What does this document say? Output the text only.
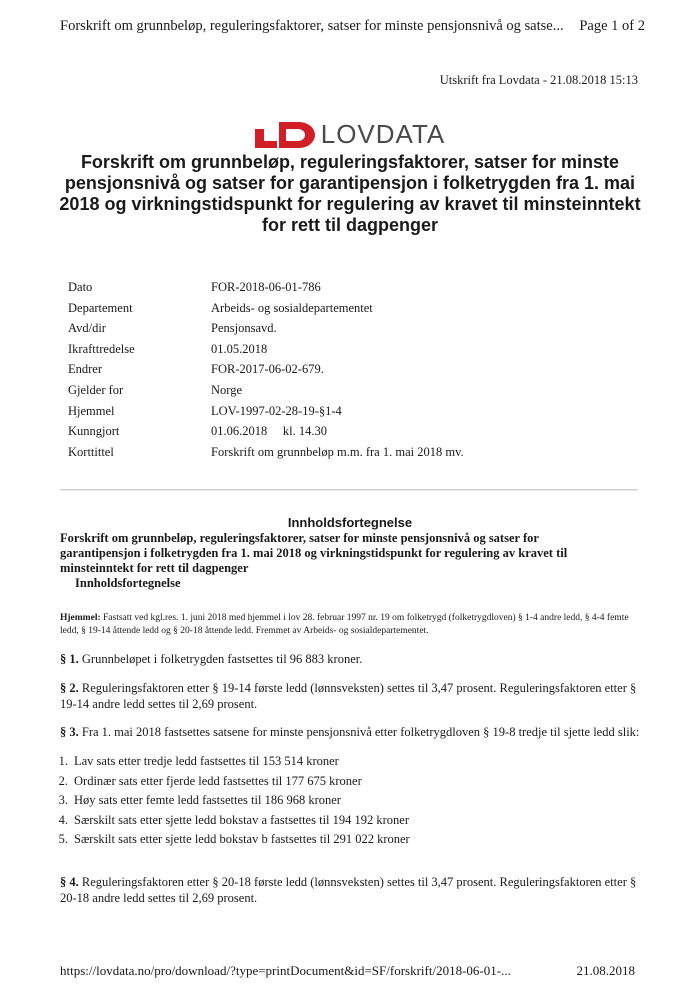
Forskrift om grunnbeløp, reguleringsfaktorer, satser for minste pensjonsnivå og satse... Page 1 of 2
Utskrift fra Lovdata - 21.08.2018 15:13
LOVDATA
Forskrift om grunnbeløp, reguleringsfaktorer, satser for minste pensjonsnivå og satser for garantipensjon i folketrygden fra 1. mai 2018 og virkningstidspunkt for regulering av kravet til minsteinntekt for rett til dagpenger
Dato	FOR-2018-06-01-786
Departement	Arbeids- og sosialdepartementet
Avd/dir	Pensjonsavd.
Ikrafttredelse	01.05.2018
Endrer	FOR-2017-06-02-679.
Gjelder for	Norge
Hjemmel	LOV-1997-02-28-19-§1-4
Kunngjort	01.06.2018     kl. 14.30
Korttittel	Forskrift om grunnbeløp m.m. fra 1. mai 2018 mv.
Innholdsfortegnelse
Forskrift om grunnbeløp, reguleringsfaktorer, satser for minste pensjonsnivå og satser for garantipensjon i folketrygden fra 1. mai 2018 og virkningstidspunkt for regulering av kravet til minsteinntekt for rett til dagpenger
Innholdsfortegnelse
Hjemmel: Fastsatt ved kgl.res. 1. juni 2018 med hjemmel i lov 28. februar 1997 nr. 19 om folketrygd (folketrygdloven) § 1-4 andre ledd, § 4-4 femte ledd, § 19-14 åttende ledd og § 20-18 åttende ledd. Fremmet av Arbeids- og sosialdepartementet.
§ 1. Grunnbeløpet i folketrygden fastsettes til 96 883 kroner.
§ 2. Reguleringsfaktoren etter § 19-14 første ledd (lønnsveksten) settes til 3,47 prosent. Reguleringsfaktoren etter § 19-14 andre ledd settes til 2,69 prosent.
§ 3. Fra 1. mai 2018 fastsettes satsene for minste pensjonsnivå etter folketrygdloven § 19-8 tredje til sjette ledd slik:
1. Lav sats etter tredje ledd fastsettes til 153 514 kroner
2. Ordinær sats etter fjerde ledd fastsettes til 177 675 kroner
3. Høy sats etter femte ledd fastsettes til 186 968 kroner
4. Særskilt sats etter sjette ledd bokstav a fastsettes til 194 192 kroner
5. Særskilt sats etter sjette ledd bokstav b fastsettes til 291 022 kroner
§ 4. Reguleringsfaktoren etter § 20-18 første ledd (lønnsveksten) settes til 3,47 prosent. Reguleringsfaktoren etter § 20-18 andre ledd settes til 2,69 prosent.
https://lovdata.no/pro/download/?type=printDocument&id=SF/forskrift/2018-06-01-...	21.08.2018
